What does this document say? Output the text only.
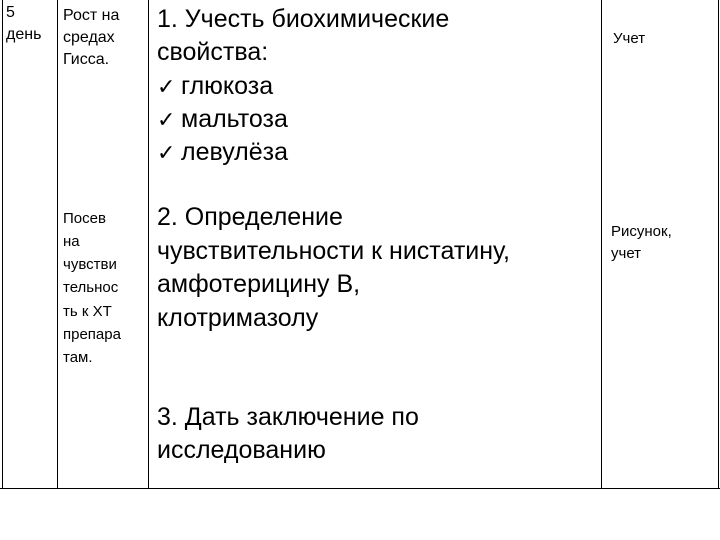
5
день
Рост на
средах
Гисса.
Посев
на
чувстви
тельнос
ть к ХТ
препара
там.
1. Учесть биохимические
свойства:
✓ глюкоза
✓ мальтоза
✓ левулёза
2. Определение
чувствительности к нистатину,
амфотерицину В,
клотримазолу
3. Дать заключение по
исследованию
Учет
Рисунок,
учет
